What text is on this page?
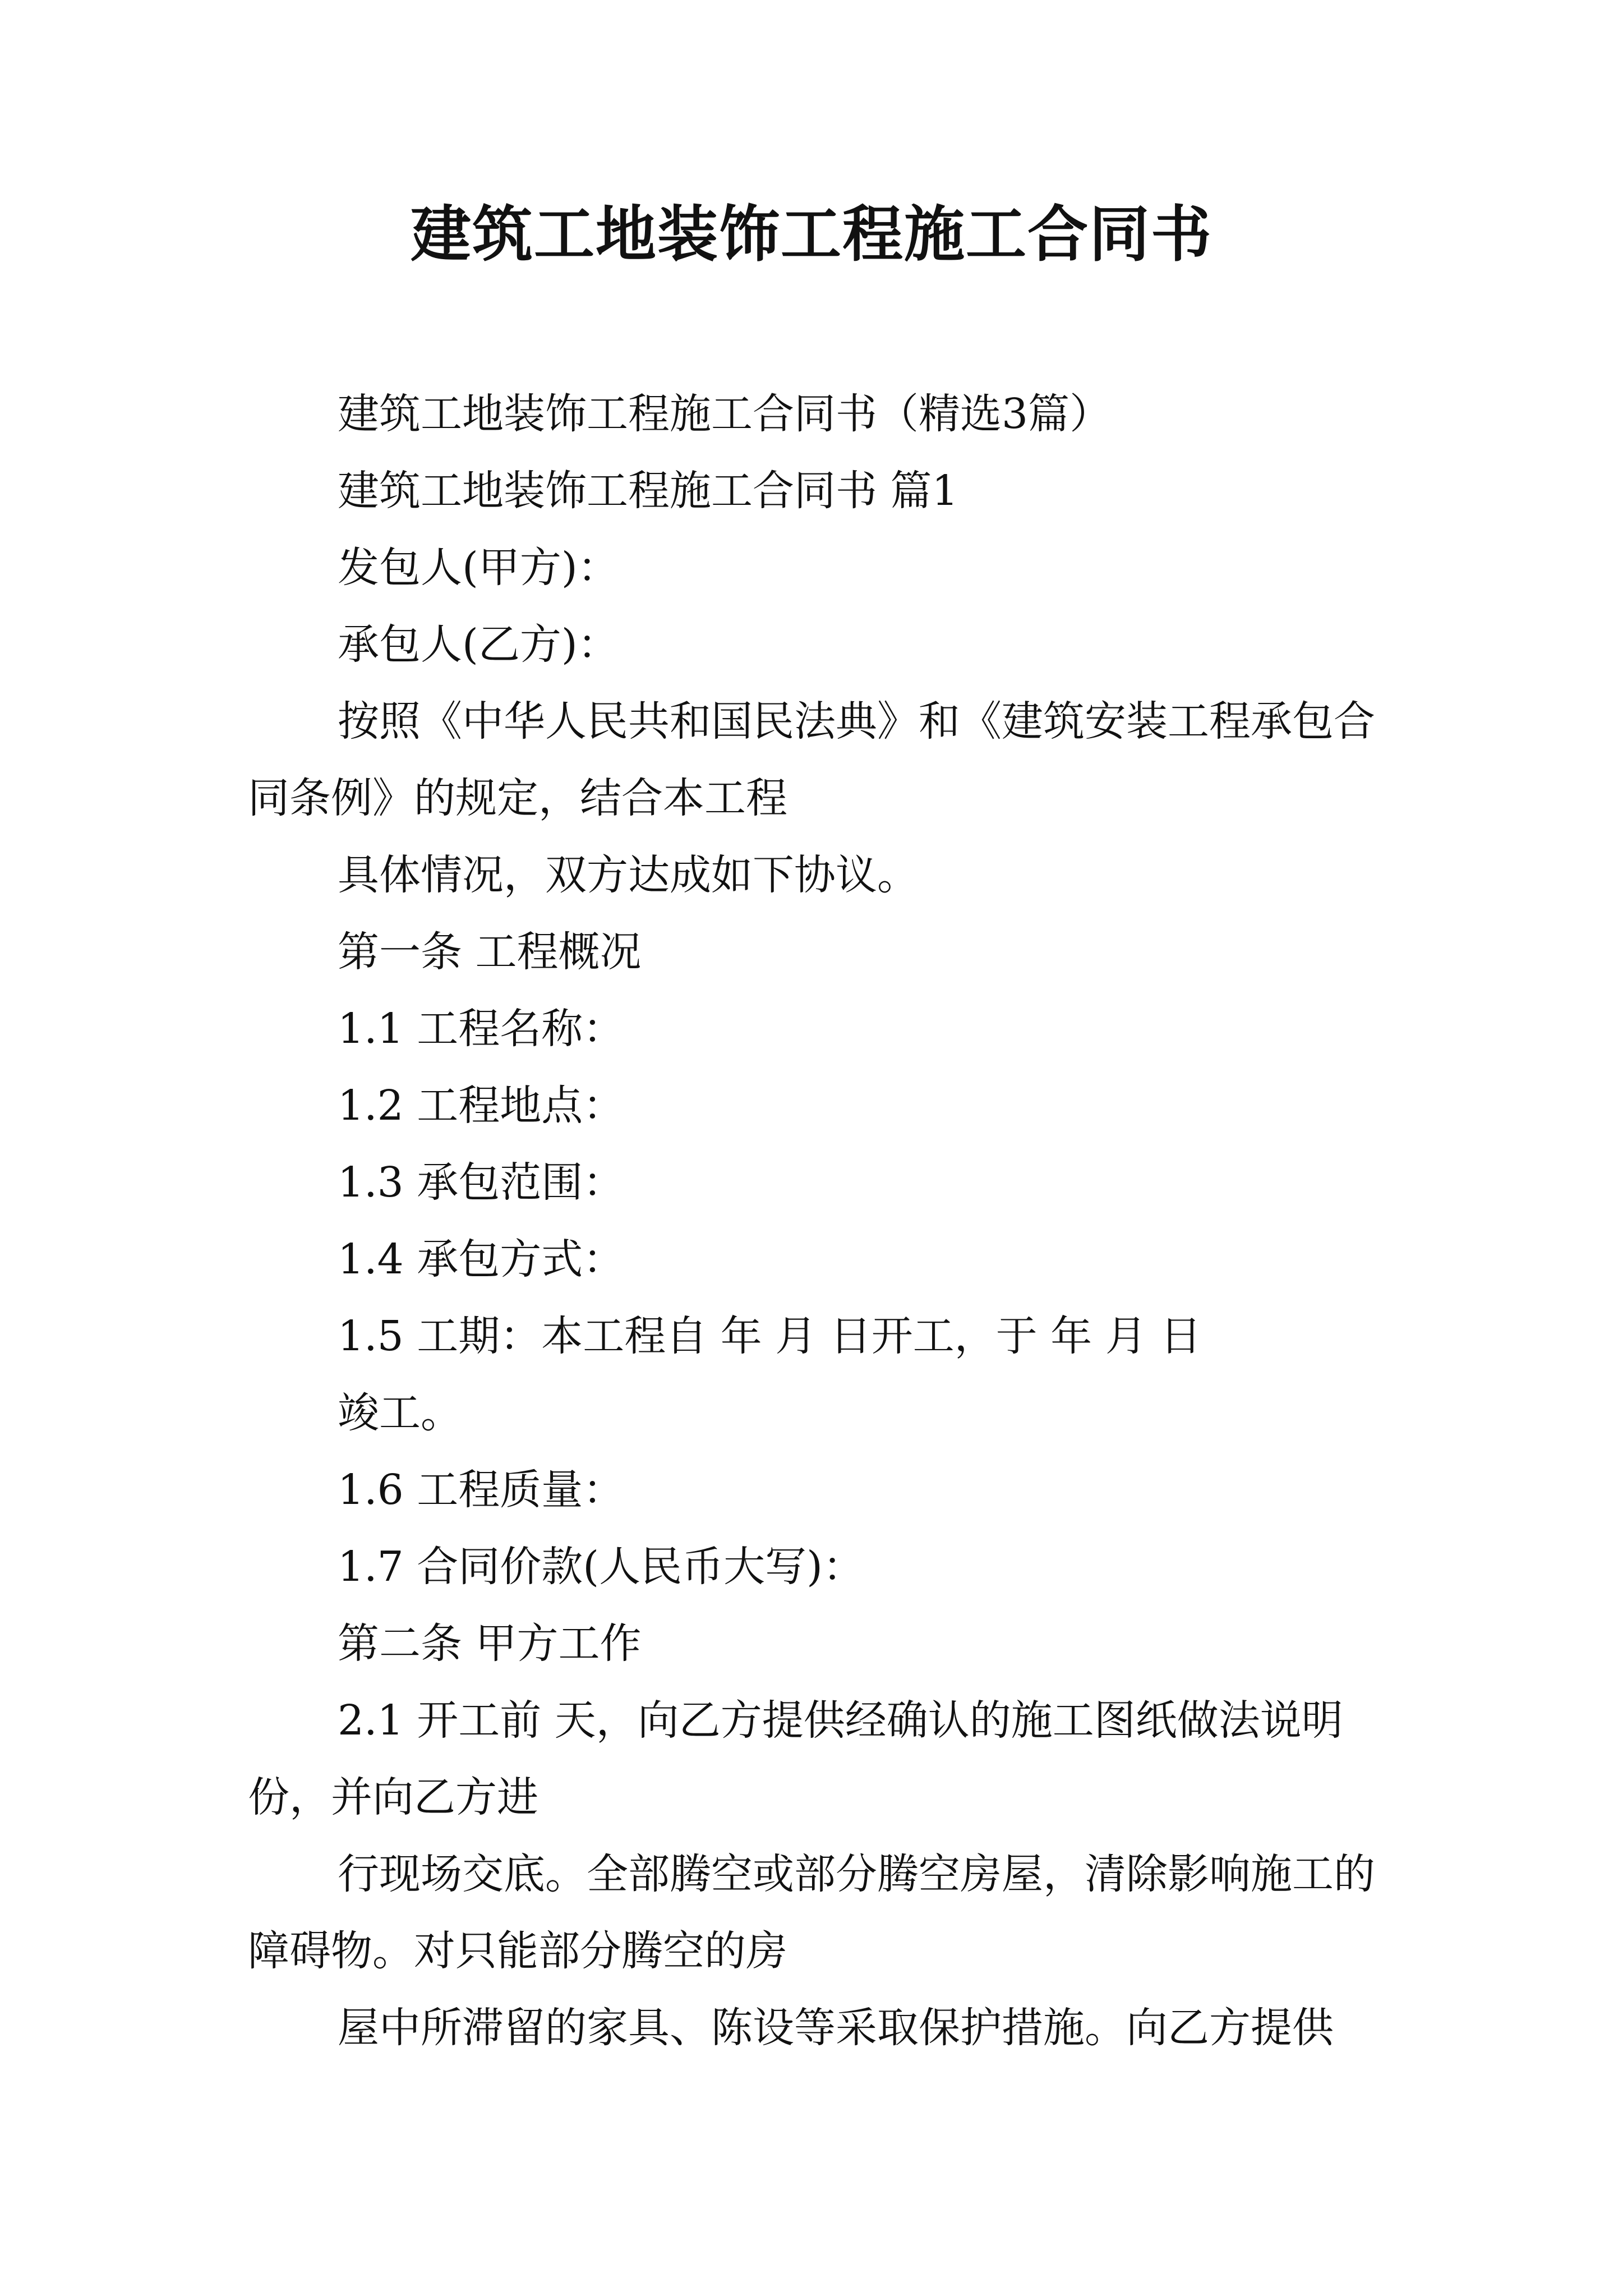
建筑工地装饰工程施工合同书

建筑工地装饰工程施工合同书（精选3篇）

建筑工地装饰工程施工合同书 篇1

发包人(甲方)：

承包人(乙方)：

按照《中华人民共和国民法典》和《建筑安装工程承包合同条例》的规定，结合本工程

具体情况，双方达成如下协议。

第一条 工程概况

1.1 工程名称：

1.2 工程地点：

1.3 承包范围：

1.4 承包方式：

1.5 工期：本工程自 年 月 日开工，于 年 月 日

竣工。

1.6 工程质量：

1.7 合同价款(人民币大写)：

第二条 甲方工作

2.1 开工前 天，向乙方提供经确认的施工图纸做法说明 份，并向乙方进

行现场交底。全部腾空或部分腾空房屋，清除影响施工的障碍物。对只能部分腾空的房

屋中所滞留的家具、陈设等采取保护措施。向乙方提供
